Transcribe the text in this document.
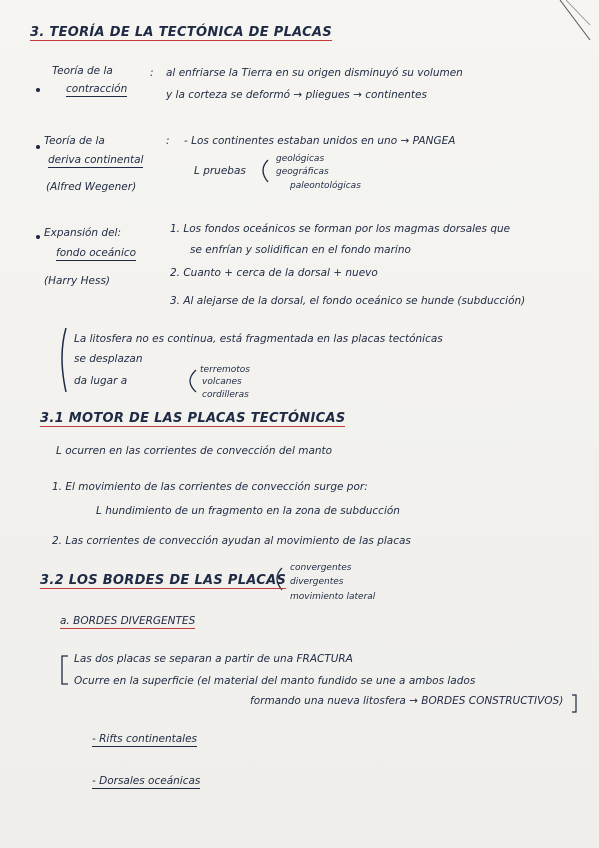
3. TEORÍA DE LA TECTÓNICA DE PLACAS
Teoría de la
contracción
: al enfriarse la Tierra en su origen disminuyó su volumen
y la corteza se deformó → pliegues → continentes
Teoría de la
deriva continental
: - Los continentes estaban unidos en uno → PANGEA
L pruebas
geológicas
geográficas
paleontológicas
(Alfred Wegener)
Expansión del:
fondo oceánico
(Harry Hess)
1. Los fondos oceánicos se forman por los magmas dorsales que
se enfrían y solidifican en el fondo marino
2. Cuanto + cerca de la dorsal + nuevo
3. Al alejarse de la dorsal, el fondo oceánico se hunde (subducción)
La litosfera no es continua, está fragmentada en las placas tectónicas
se desplazan
da lugar a
terremotos
volcanes
cordilleras
3.1 MOTOR DE LAS PLACAS TECTÓNICAS
L ocurren en las corrientes de convección del manto
1. El movimiento de las corrientes de convección surge por:
L hundimiento de un fragmento en la zona de subducción
2. Las corrientes de convección ayudan al movimiento de las placas
3.2 LOS BORDES DE LAS PLACAS
convergentes
divergentes
movimiento lateral
a. BORDES DIVERGENTES
Las dos placas se separan a partir de una FRACTURA
Ocurre en la superficie (el material del manto fundido se une a ambos lados
formando una nueva litosfera → BORDES CONSTRUCTIVOS)
- Rifts continentales
- Dorsales oceánicas
